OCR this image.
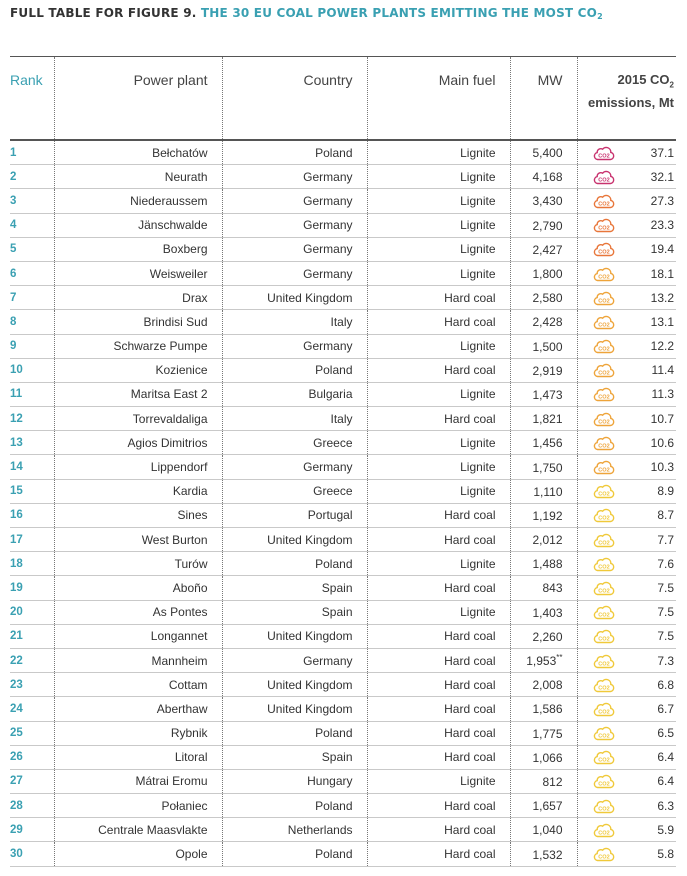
FULL TABLE FOR FIGURE 9. THE 30 EU COAL POWER PLANTS EMITTING THE MOST $CO_2$
Rank	Power plant	Country	Main fuel	MW	2015 $CO_2$
emissions, Mt	
1	Bełchatów	Poland	Lignite	5,400	CO2	37.1
2	Neurath	Germany	Lignite	4,168	CO2	32.1
3	Niederaussem	Germany	Lignite	3,430	CO2	27.3
4	Jänschwalde	Germany	Lignite	2,790	CO2	23.3
5	Boxberg	Germany	Lignite	2,427	CO2	19.4
6	Weisweiler	Germany	Lignite	1,800	CO2	18.1
7	Drax	United Kingdom	Hard coal	2,580	CO2	13.2
8	Brindisi Sud	Italy	Hard coal	2,428	CO2	13.1
9	Schwarze Pumpe	Germany	Lignite	1,500	CO2	12.2
10	Kozienice	Poland	Hard coal	2,919	CO2	11.4
11	Maritsa East 2	Bulgaria	Lignite	1,473	CO2	11.3
12	Torrevaldaliga	Italy	Hard coal	1,821	CO2	10.7
13	Agios Dimitrios	Greece	Lignite	1,456	CO2	10.6
14	Lippendorf	Germany	Lignite	1,750	CO2	10.3
15	Kardia	Greece	Lignite	1,110	CO2	8.9
16	Sines	Portugal	Hard coal	1,192	CO2	8.7
17	West Burton	United Kingdom	Hard coal	2,012	CO2	7.7
18	Turów	Poland	Lignite	1,488	CO2	7.6
19	Aboño	Spain	Hard coal	843	CO2	7.5
20	As Pontes	Spain	Lignite	1,403	CO2	7.5
21	Longannet	United Kingdom	Hard coal	2,260	CO2	7.5
22	Mannheim	Germany	Hard coal	1,953**	CO2	7.3
23	Cottam	United Kingdom	Hard coal	2,008	CO2	6.8
24	Aberthaw	United Kingdom	Hard coal	1,586	CO2	6.7
25	Rybnik	Poland	Hard coal	1,775	CO2	6.5
26	Litoral	Spain	Hard coal	1,066	CO2	6.4
27	Mátrai Eromu	Hungary	Lignite	812	CO2	6.4
28	Połaniec	Poland	Hard coal	1,657	CO2	6.3
29	Centrale Maasvlakte	Netherlands	Hard coal	1,040	CO2	5.9
30	Opole	Poland	Hard coal	1,532	CO2	5.8
